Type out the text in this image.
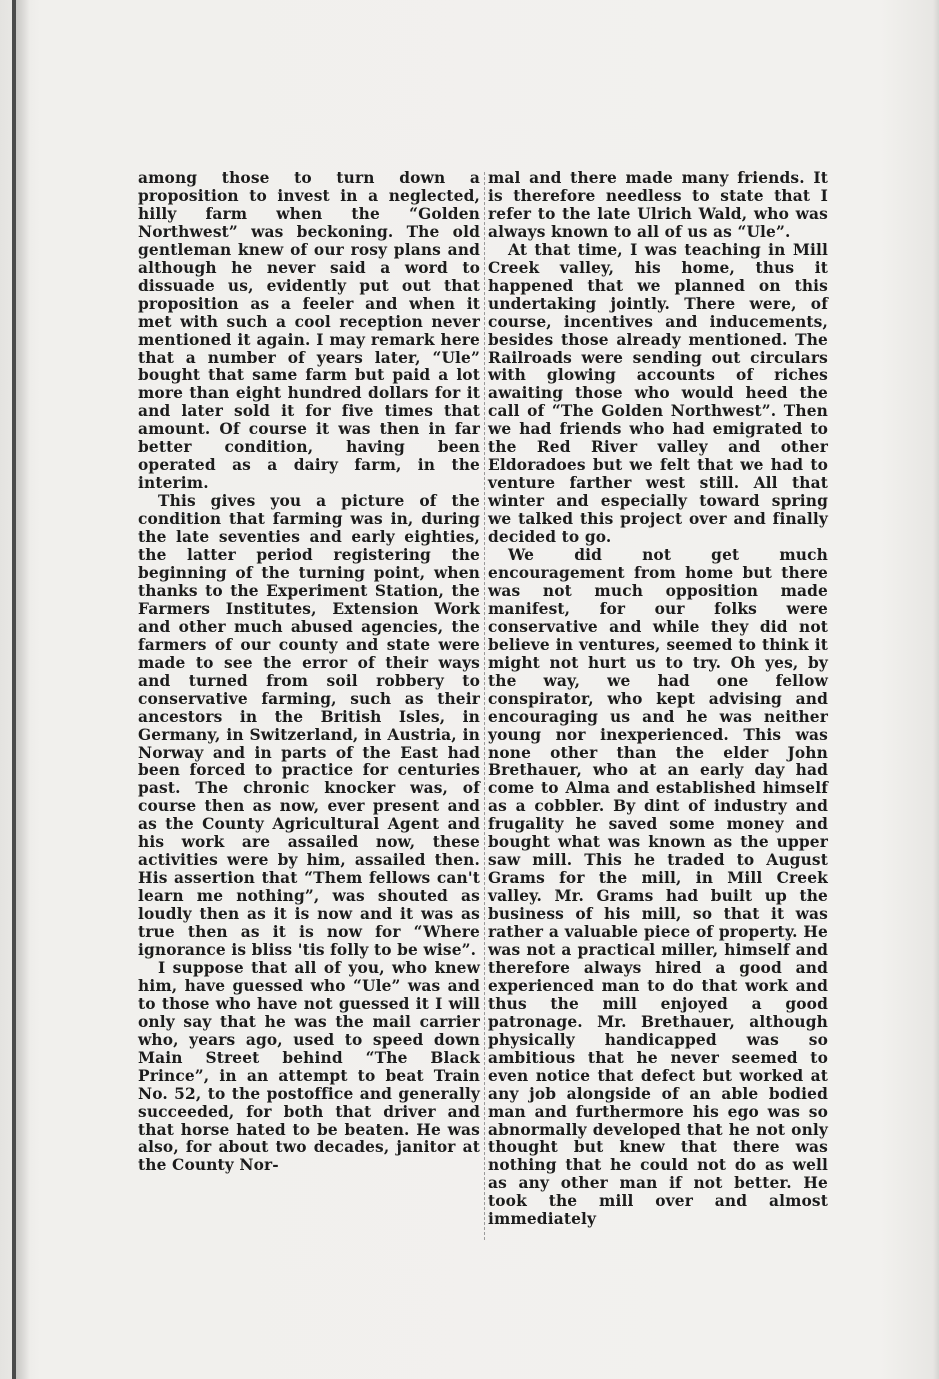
among those to turn down a proposition to invest in a neglected, hilly farm when the “Golden Northwest” was beckoning. The old gentleman knew of our rosy plans and although he never said a word to dissuade us, evidently put out that proposition as a feeler and when it met with such a cool reception never mentioned it again. I may remark here that a number of years later, “Ule” bought that same farm but paid a lot more than eight hundred dollars for it and later sold it for five times that amount. Of course it was then in far better condition, having been operated as a dairy farm, in the interim.

This gives you a picture of the condition that farming was in, during the late seventies and early eighties, the latter period registering the beginning of the turning point, when thanks to the Experiment Station, the Farmers Institutes, Extension Work and other much abused agencies, the farmers of our county and state were made to see the error of their ways and turned from soil robbery to conservative farming, such as their ancestors in the British Isles, in Germany, in Switzerland, in Austria, in Norway and in parts of the East had been forced to practice for centuries past. The chronic knocker was, of course then as now, ever present and as the County Agricultural Agent and his work are assailed now, these activities were by him, assailed then. His assertion that “Them fellows can't learn me nothing”, was shouted as loudly then as it is now and it was as true then as it is now for “Where ignorance is bliss 'tis folly to be wise”.

I suppose that all of you, who knew him, have guessed who “Ule” was and to those who have not guessed it I will only say that he was the mail carrier who, years ago, used to speed down Main Street behind “The Black Prince”, in an attempt to beat Train No. 52, to the postoffice and generally succeeded, for both that driver and that horse hated to be beaten. He was also, for about two decades, janitor at the County Nor-

mal and there made many friends. It is therefore needless to state that I refer to the late Ulrich Wald, who was always known to all of us as “Ule”.

At that time, I was teaching in Mill Creek valley, his home, thus it happened that we planned on this undertaking jointly. There were, of course, incentives and inducements, besides those already mentioned. The Railroads were sending out circulars with glowing accounts of riches awaiting those who would heed the call of “The Golden Northwest”. Then we had friends who had emigrated to the Red River valley and other Eldoradoes but we felt that we had to venture farther west still. All that winter and especially toward spring we talked this project over and finally decided to go.

We did not get much encouragement from home but there was not much opposition made manifest, for our folks were conservative and while they did not believe in ventures, seemed to think it might not hurt us to try. Oh yes, by the way, we had one fellow conspirator, who kept advising and encouraging us and he was neither young nor inexperienced. This was none other than the elder John Brethauer, who at an early day had come to Alma and established himself as a cobbler. By dint of industry and frugality he saved some money and bought what was known as the upper saw mill. This he traded to August Grams for the mill, in Mill Creek valley. Mr. Grams had built up the business of his mill, so that it was rather a valuable piece of property. He was not a practical miller, himself and therefore always hired a good and experienced man to do that work and thus the mill enjoyed a good patronage. Mr. Brethauer, although physically handicapped was so ambitious that he never seemed to even notice that defect but worked at any job alongside of an able bodied man and furthermore his ego was so abnormally developed that he not only thought but knew that there was nothing that he could not do as well as any other man if not better. He took the mill over and almost immediately
